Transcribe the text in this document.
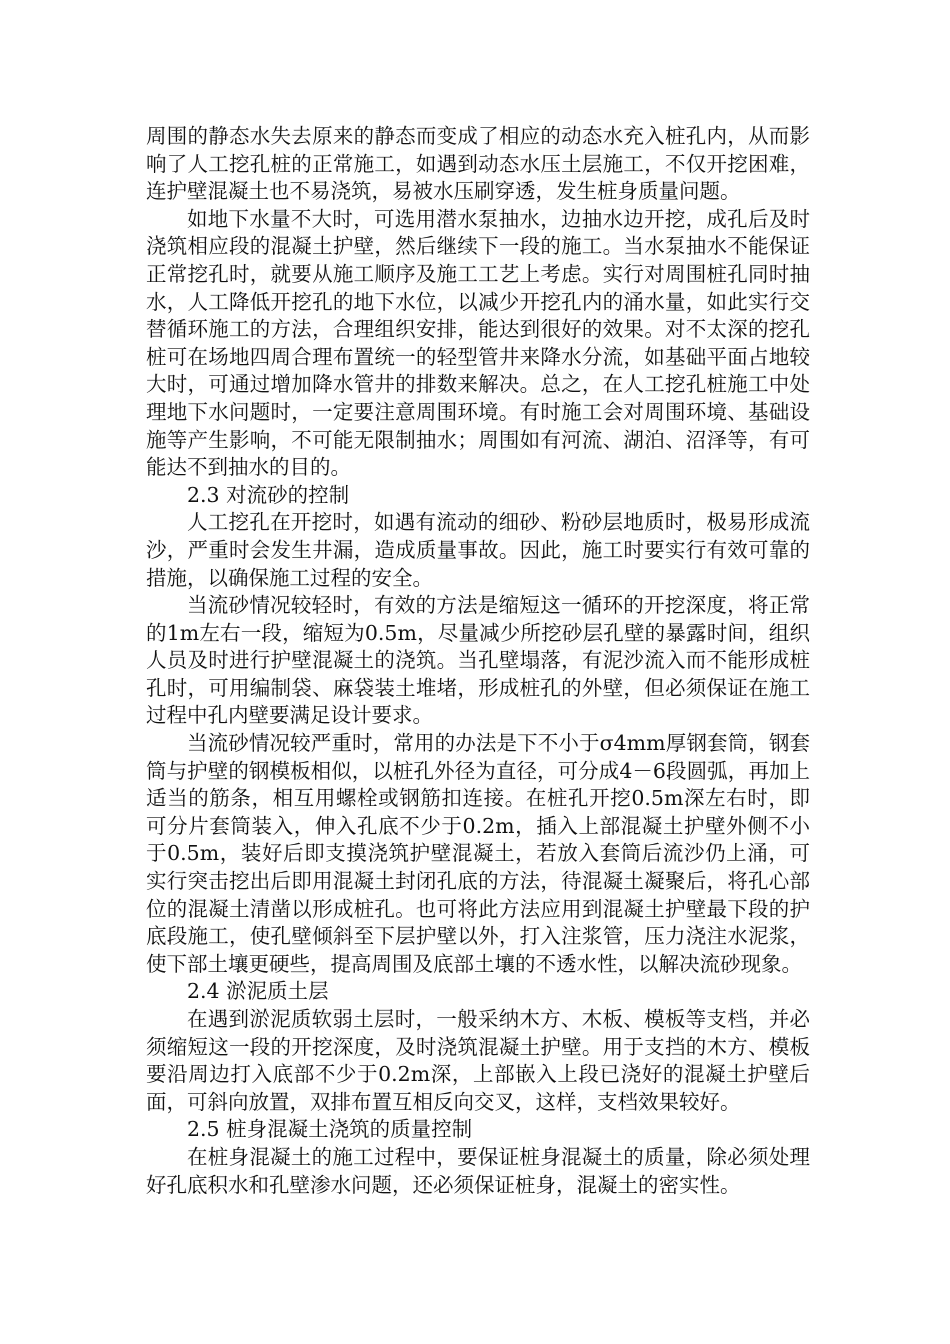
周围的静态水失去原来的静态而变成了相应的动态水充入桩孔内，从而影响了人工挖孔桩的正常施工，如遇到动态水压土层施工，不仅开挖困难，连护壁混凝土也不易浇筑，易被水压刷穿透，发生桩身质量问题。

如地下水量不大时，可选用潜水泵抽水，边抽水边开挖，成孔后及时浇筑相应段的混凝土护壁，然后继续下一段的施工。当水泵抽水不能保证正常挖孔时，就要从施工顺序及施工工艺上考虑。实行对周围桩孔同时抽水，人工降低开挖孔的地下水位，以减少开挖孔内的涌水量，如此实行交替循环施工的方法，合理组织安排，能达到很好的效果。对不太深的挖孔桩可在场地四周合理布置统一的轻型管井来降水分流，如基础平面占地较大时，可通过增加降水管井的排数来解决。总之，在人工挖孔桩施工中处理地下水问题时，一定要注意周围环境。有时施工会对周围环境、基础设施等产生影响，不可能无限制抽水；周围如有河流、湖泊、沼泽等，有可能达不到抽水的目的。

2.3 对流砂的控制

人工挖孔在开挖时，如遇有流动的细砂、粉砂层地质时，极易形成流沙，严重时会发生井漏，造成质量事故。因此，施工时要实行有效可靠的措施，以确保施工过程的安全。

当流砂情况较轻时，有效的方法是缩短这一循环的开挖深度，将正常的1m左右一段，缩短为0.5m，尽量减少所挖砂层孔壁的暴露时间，组织人员及时进行护壁混凝土的浇筑。当孔壁塌落，有泥沙流入而不能形成桩孔时，可用编制袋、麻袋装土堆堵，形成桩孔的外壁，但必须保证在施工过程中孔内壁要满足设计要求。

当流砂情况较严重时，常用的办法是下不小于σ4mm厚钢套筒，钢套筒与护壁的钢模板相似，以桩孔外径为直径，可分成4－6段圆弧，再加上适当的筋条，相互用螺栓或钢筋扣连接。在桩孔开挖0.5m深左右时，即可分片套筒装入，伸入孔底不少于0.2m，插入上部混凝土护壁外侧不小于0.5m，装好后即支摸浇筑护壁混凝土，若放入套筒后流沙仍上涌，可实行突击挖出后即用混凝土封闭孔底的方法，待混凝土凝聚后，将孔心部位的混凝土清凿以形成桩孔。也可将此方法应用到混凝土护壁最下段的护底段施工，使孔壁倾斜至下层护壁以外，打入注浆管，压力浇注水泥浆，使下部土壤更硬些，提高周围及底部土壤的不透水性，以解决流砂现象。

2.4 淤泥质土层

在遇到淤泥质软弱土层时，一般采纳木方、木板、模板等支档，并必须缩短这一段的开挖深度，及时浇筑混凝土护壁。用于支挡的木方、模板要沿周边打入底部不少于0.2m深，上部嵌入上段已浇好的混凝土护壁后面，可斜向放置，双排布置互相反向交叉，这样，支档效果较好。

2.5 桩身混凝土浇筑的质量控制

在桩身混凝土的施工过程中，要保证桩身混凝土的质量，除必须处理好孔底积水和孔壁渗水问题，还必须保证桩身，混凝土的密实性。
